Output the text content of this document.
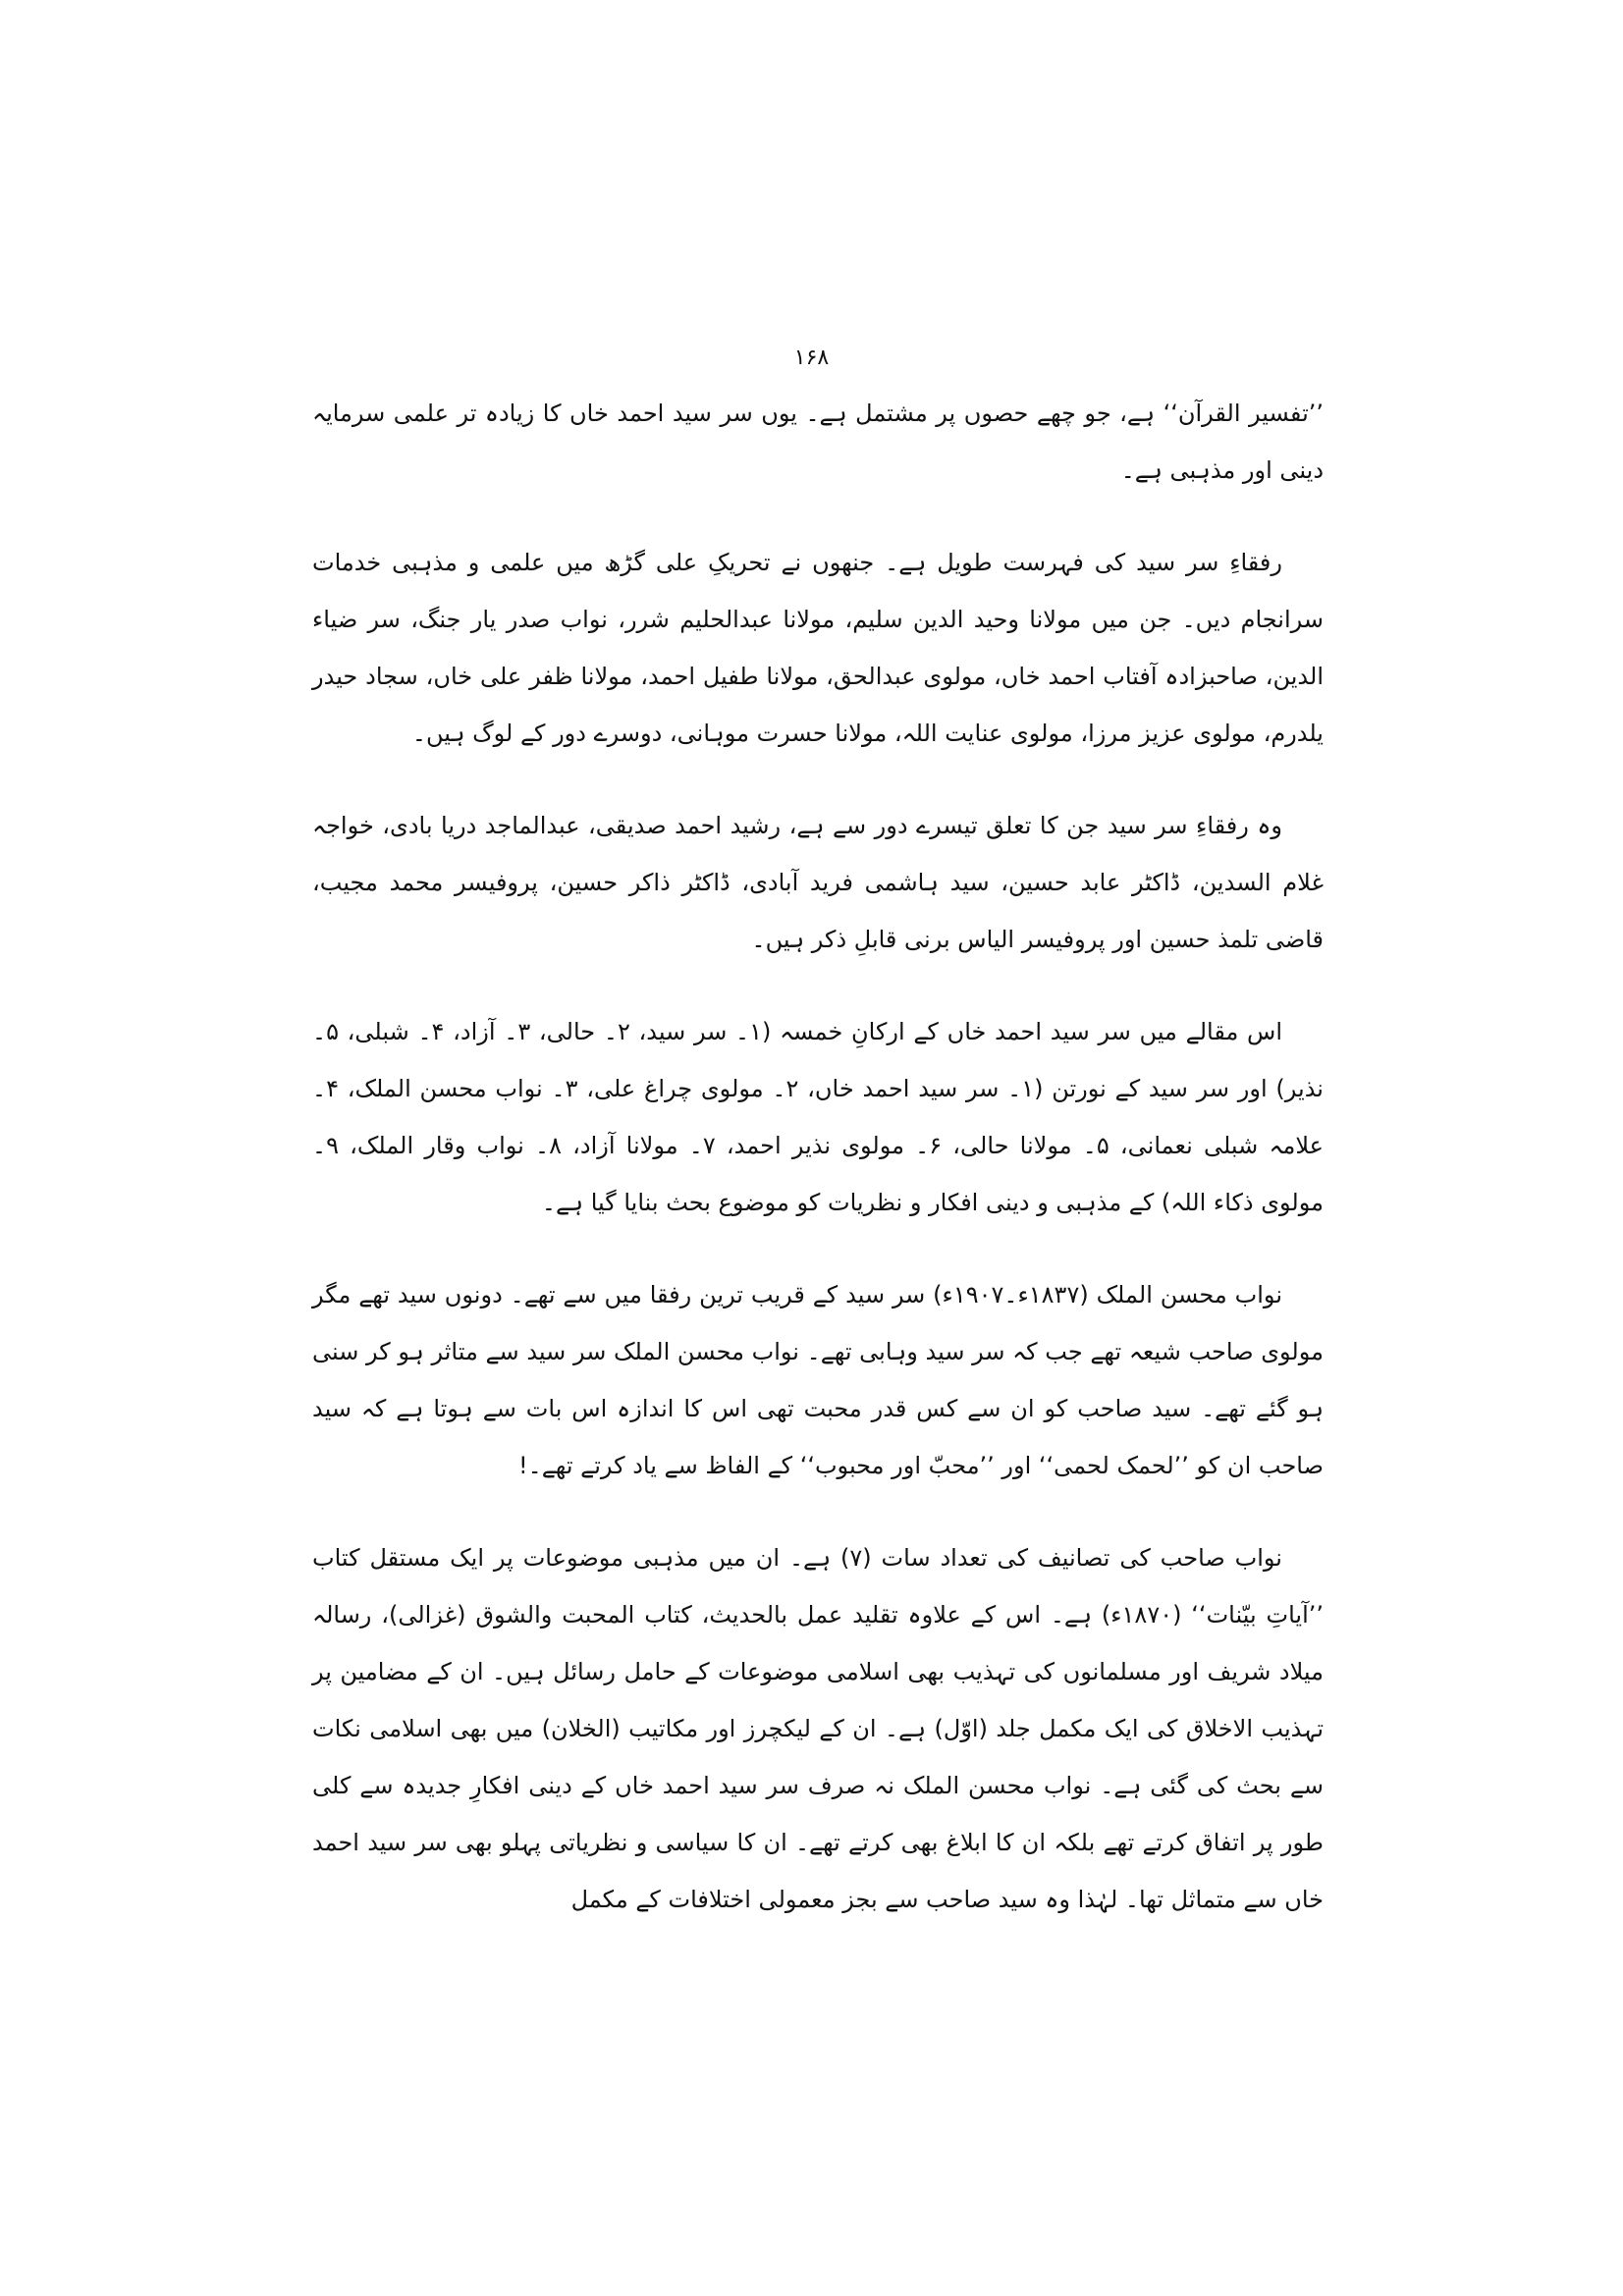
۱۶۸

’’تفسیر القرآن‘‘ ہے، جو چھے حصوں پر مشتمل ہے۔ یوں سر سید احمد خاں کا زیادہ تر علمی سرمایہ دینی اور مذہبی ہے۔

رفقاءِ سر سید کی فہرست طویل ہے۔ جنھوں نے تحریکِ علی گڑھ میں علمی و مذہبی خدمات سرانجام دیں۔ جن میں مولانا وحید الدین سلیم، مولانا عبدالحلیم شرر، نواب صدر یار جنگ، سر ضیاء الدین، صاحبزادہ آفتاب احمد خاں، مولوی عبدالحق، مولانا طفیل احمد، مولانا ظفر علی خاں، سجاد حیدر یلدرم، مولوی عزیز مرزا، مولوی عنایت اللہ، مولانا حسرت موہانی، دوسرے دور کے لوگ ہیں۔

وہ رفقاءِ سر سید جن کا تعلق تیسرے دور سے ہے، رشید احمد صدیقی، عبدالماجد دریا بادی، خواجہ غلام السدین، ڈاکٹر عابد حسین، سید ہاشمی فرید آبادی، ڈاکٹر ذاکر حسین، پروفیسر محمد مجیب، قاضی تلمذ حسین اور پروفیسر الیاس برنی قابلِ ذکر ہیں۔

اس مقالے میں سر سید احمد خاں کے ارکانِ خمسہ (۱۔ سر سید، ۲۔ حالی، ۳۔ آزاد، ۴۔ شبلی، ۵۔ نذیر) اور سر سید کے نورتن (۱۔ سر سید احمد خاں، ۲۔ مولوی چراغ علی، ۳۔ نواب محسن الملک، ۴۔ علامہ شبلی نعمانی، ۵۔ مولانا حالی، ۶۔ مولوی نذیر احمد، ۷۔ مولانا آزاد، ۸۔ نواب وقار الملک، ۹۔ مولوی ذکاء اللہ) کے مذہبی و دینی افکار و نظریات کو موضوع بحث بنایا گیا ہے۔

نواب محسن الملک (۱۸۳۷ء۔۱۹۰۷ء) سر سید کے قریب ترین رفقا میں سے تھے۔ دونوں سید تھے مگر مولوی صاحب شیعہ تھے جب کہ سر سید وہابی تھے۔ نواب محسن الملک سر سید سے متاثر ہو کر سنی ہو گئے تھے۔ سید صاحب کو ان سے کس قدر محبت تھی اس کا اندازہ اس بات سے ہوتا ہے کہ سید صاحب ان کو ’’لحمک لحمی‘‘ اور ’’محبّ اور محبوب‘‘ کے الفاظ سے یاد کرتے تھے۔!

نواب صاحب کی تصانیف کی تعداد سات (۷) ہے۔ ان میں مذہبی موضوعات پر ایک مستقل کتاب ’’آیاتِ بیّنات‘‘ (۱۸۷۰ء) ہے۔ اس کے علاوہ تقلید عمل بالحدیث، کتاب المحبت والشوق (غزالی)، رسالہ میلاد شریف اور مسلمانوں کی تہذیب بھی اسلامی موضوعات کے حامل رسائل ہیں۔ ان کے مضامین پر تہذیب الاخلاق کی ایک مکمل جلد (اوّل) ہے۔ ان کے لیکچرز اور مکاتیب (الخلان) میں بھی اسلامی نکات سے بحث کی گئی ہے۔ نواب محسن الملک نہ صرف سر سید احمد خاں کے دینی افکارِ جدیدہ سے کلی طور پر اتفاق کرتے تھے بلکہ ان کا ابلاغ بھی کرتے تھے۔ ان کا سیاسی و نظریاتی پہلو بھی سر سید احمد خاں سے متماثل تھا۔ لہٰذا وہ سید صاحب سے بجز معمولی اختلافات کے مکمل
